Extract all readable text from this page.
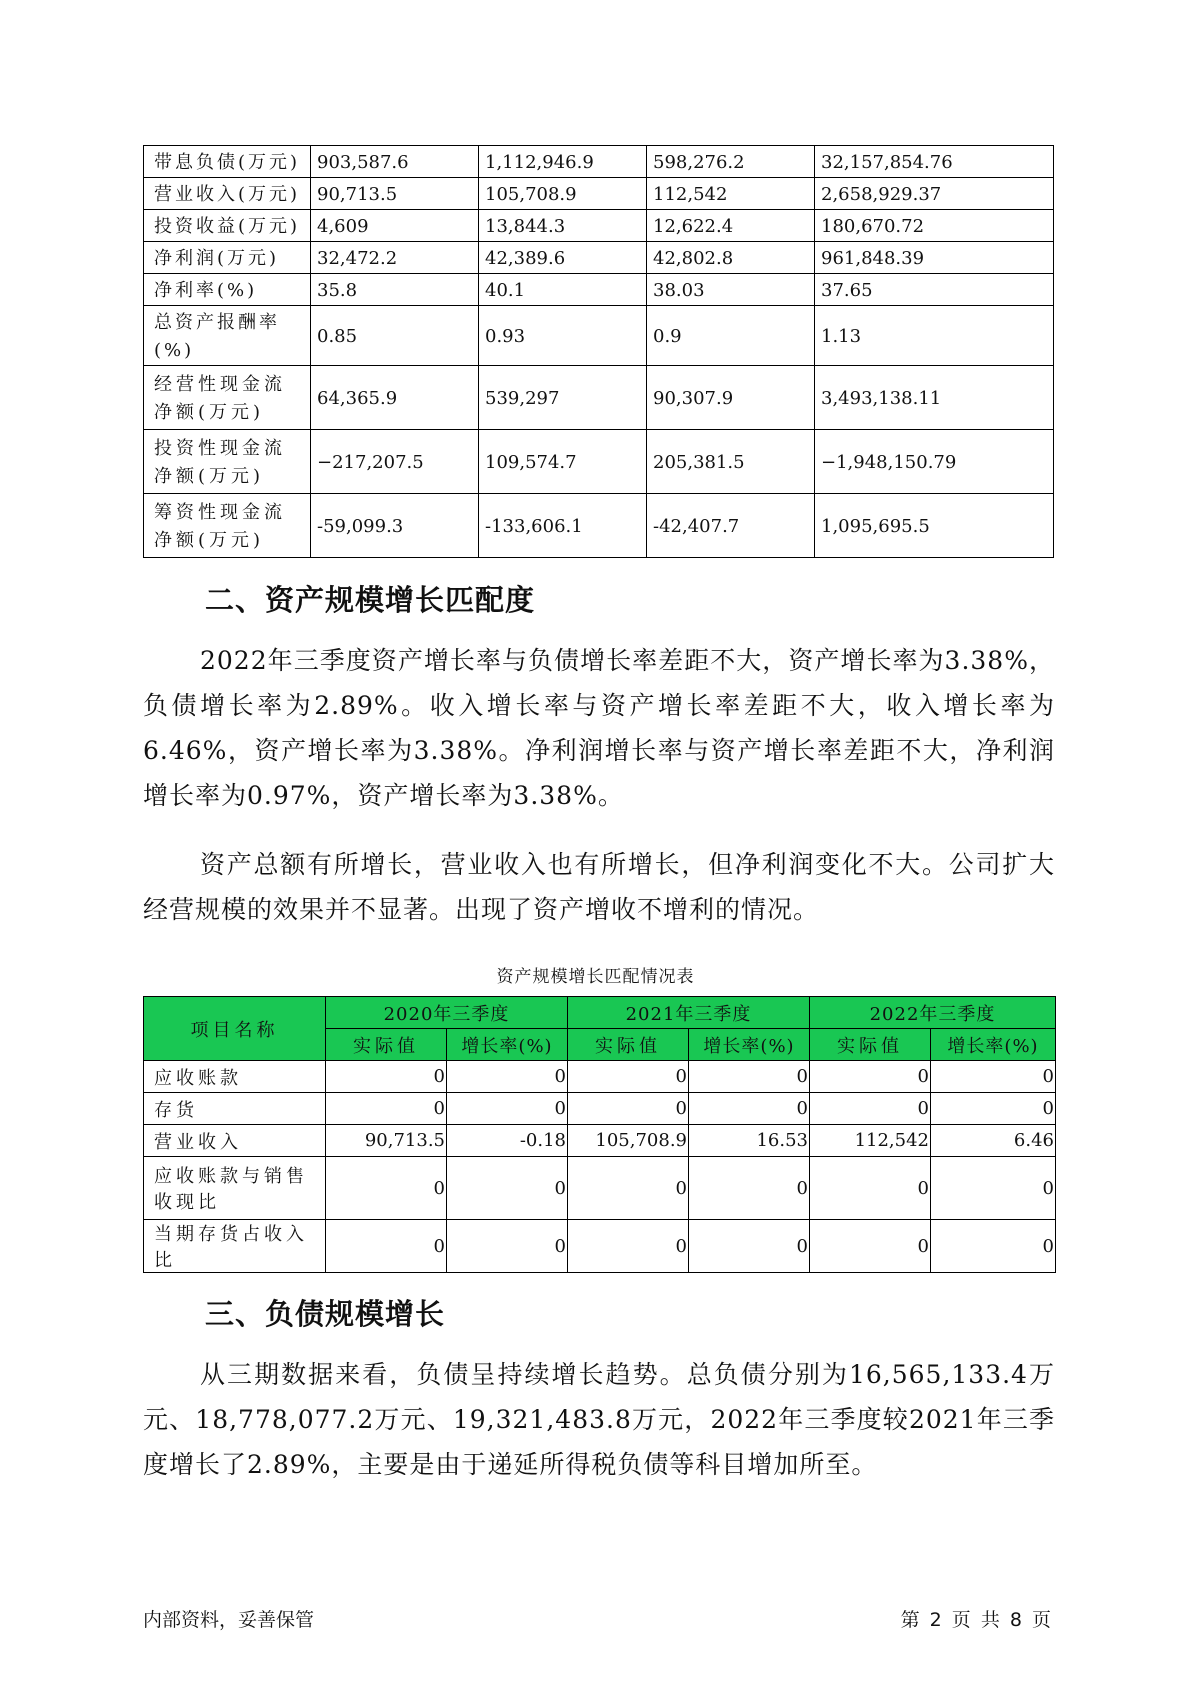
带息负债(万元)	903,587.6	1,112,946.9	598,276.2	32,157,854.76
营业收入(万元)	90,713.5	105,708.9	112,542	2,658,929.37
投资收益(万元)	4,609	13,844.3	12,622.4	180,670.72
净利润(万元)	32,472.2	42,389.6	42,802.8	961,848.39
净利率(%)	35.8	40.1	38.03	37.65
总资产报酬率(%)	0.85	0.93	0.9	1.13
经营性现金流净额(万元)	64,365.9	539,297	90,307.9	3,493,138.11
投资性现金流净额(万元)	−217,207.5	109,574.7	205,381.5	−1,948,150.79
筹资性现金流净额(万元)	-59,099.3	-133,606.1	-42,407.7	1,095,695.5
二、资产规模增长匹配度

2022年三季度资产增长率与负债增长率差距不大，资产增长率为3.38%，负债增长率为2.89%。收入增长率与资产增长率差距不大，收入增长率为6.46%，资产增长率为3.38%。净利润增长率与资产增长率差距不大，净利润增长率为0.97%，资产增长率为3.38%。

资产总额有所增长，营业收入也有所增长，但净利润变化不大。公司扩大经营规模的效果并不显著。出现了资产增收不增利的情况。

资产规模增长匹配情况表
项目名称	2020年三季度		2021年三季度		2022年三季度	
	实际值	增长率(%)	实际值	增长率(%)	实际值	增长率(%)
应收账款	0	0	0	0	0	0
存货	0	0	0	0	0	0
营业收入	90,713.5	-0.18	105,708.9	16.53	112,542	6.46
应收账款与销售收现比	0	0	0	0	0	0
当期存货占收入比	0	0	0	0	0	0
三、负债规模增长

从三期数据来看，负债呈持续增长趋势。总负债分别为16,565,133.4万元、18,778,077.2万元、19,321,483.8万元，2022年三季度较2021年三季度增长了2.89%，主要是由于递延所得税负债等科目增加所至。

内部资料，妥善保管	第 2 页 共 8 页
